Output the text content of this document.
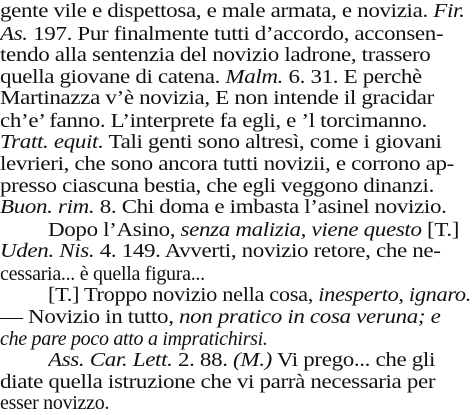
gente vile e dispettosa, e male armata, e novizia. Fir.
As. 197. Pur finalmente tutti d’accordo, acconsen-
tendo alla sentenzia del novizio ladrone, trassero
quella giovane di catena. Malm. 6. 31. E perchè
Martinazza v’è novizia, E non intende il gracidar
ch’e’ fanno. L’interprete fa egli, e ’l torcimanno.
Tratt. equit. Tali genti sono altresì, come i giovani
levrieri, che sono ancora tutti novizii, e corrono ap-
presso ciascuna bestia, che egli veggono dinanzi.
Buon. rim. 8. Chi doma e imbasta l’asinel novizio.
Dopo l’Asino, senza malizia, viene questo [T.]
Uden. Nis. 4. 149. Avverti, novizio retore, che ne-
cessaria... è quella figura...
[T.] Troppo novizio nella cosa, inesperto, ignaro.
— Novizio in tutto, non pratico in cosa veruna; e
che pare poco atto a impratichirsi.
Ass. Car. Lett. 2. 88. (M.) Vi prego... che gli
diate quella istruzione che vi parrà necessaria per
esser novizzo.
